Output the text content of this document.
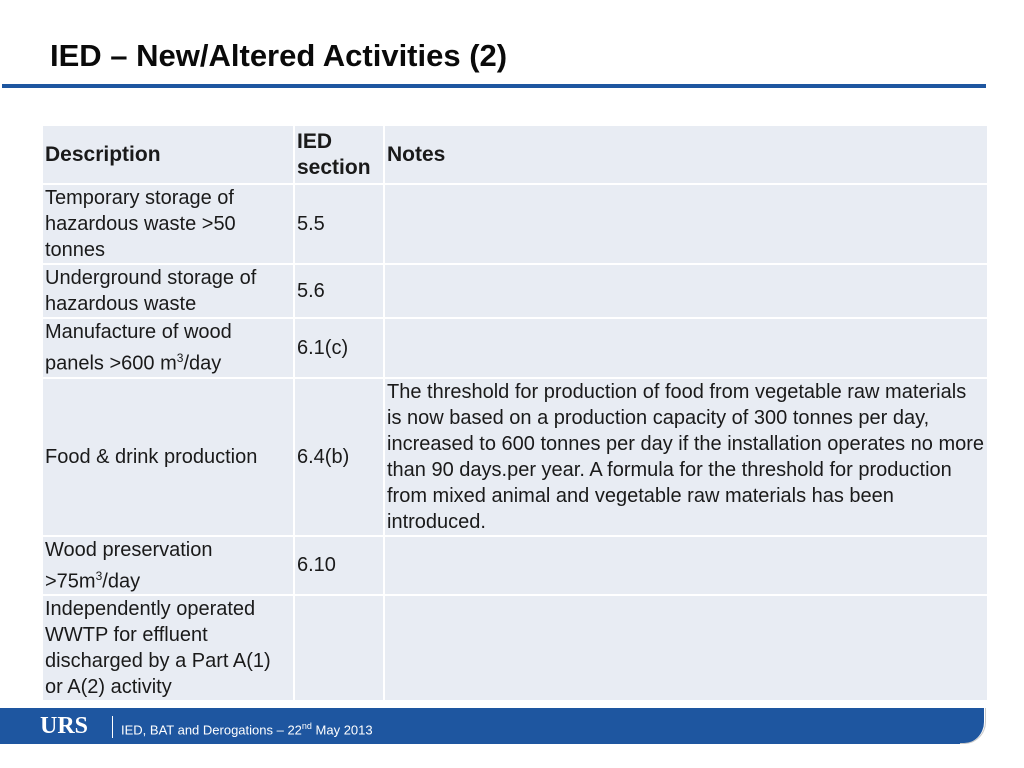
IED – New/Altered Activities (2)
Description	IED section	Notes
Temporary storage of hazardous waste >50 tonnes	5.5	
Underground storage of hazardous waste	5.6	
Manufacture of wood panels >600 $m^3$/day	6.1(c)	
Food & drink production	6.4(b)	The threshold for production of food from vegetable raw materials is now based on a production capacity of 300 tonnes per day, increased to 600 tonnes per day if the installation operates no more than 90 days.per year. A formula for the threshold for production from mixed animal and vegetable raw materials has been introduced.
Wood preservation $>75m^3$/day	6.10	
Independently operated WWTP for effluent discharged by a Part A(1) or A(2) activity		
URS	IED, BAT and Derogations – 22nd May 2013
